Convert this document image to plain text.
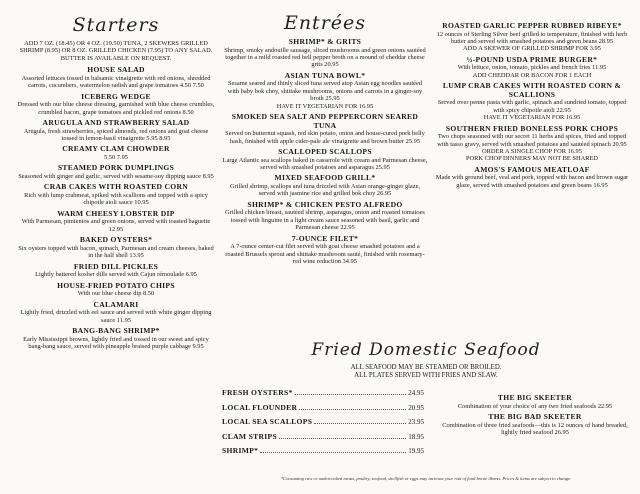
Starters
ADD 7 OZ. (18.45) OR 4 OZ. (10.50) TUNA, 2 SKEWERS GRILLED SHRIMP (8.95) OR 8 OZ. GRILLED CHICKEN (7.95) TO ANY SALAD. BUTTER IS AVAILABLE ON REQUEST.
HOUSE SALAD
Assorted lettuces tossed in balsamic vinaigrette with red onions, shredded carrots, cucumbers, watermelon radish and grape tomatoes 4.50 7.50
ICEBERG WEDGE
Dressed with our blue cheese dressing, garnished with blue cheese crumbles, crumbled bacon, grape tomatoes and pickled red onions 8.50
ARUGULA AND STRAWBERRY SALAD
Arugula, fresh strawberries, spiced almonds, red onions and goat cheese tossed in lemon-basil vinaigrette 5.95 8.95
CREAMY CLAM CHOWDER
5.50 7.95
STEAMED PORK DUMPLINGS
Seasoned with ginger and garlic, served with sesame-soy dipping sauce 8.95
CRAB CAKES WITH ROASTED CORN
Rich with lump crabmeat, spiked with scallions and topped with a spicy chipotle aioli sauce 10.95
WARM CHEESY LOBSTER DIP
With Parmesan, pimientos and green onions, served with toasted baguette 12.95
BAKED OYSTERS*
Six oysters topped with bacon, spinach, Parmesan and cream cheeses, baked in the half shell 13.95
FRIED DILL PICKLES
Lightly battered kosher dills served with Cajun rémoulade 6.95
HOUSE-FRIED POTATO CHIPS
With our blue cheese dip 8.50
CALAMARI
Lightly fried, drizzled with eel sauce and served with white ginger dipping sauce 11.95
BANG-BANG SHRIMP*
Early Mississippi browns, lightly fried and tossed in our sweet and spicy bang-bang sauce, served with pineapple braised purple cabbage 9.95
Entrées
SHRIMP* & GRITS
Shrimp, smoky andouille sausage, sliced mushrooms and green onions sautéed together in a mild roasted red bell pepper broth on a mound of cheddar cheese grits 20.95
ASIAN TUNA BOWL*
Sesame seared and thinly sliced tuna served atop Asian egg noodles sautéed with baby bok choy, shiitake mushrooms, onions and carrots in a ginger-soy broth 25.95
HAVE IT VEGETARIAN FOR 16.95
SMOKED SEA SALT AND PEPPERCORN SEARED TUNA
Served on butternut squash, red skin potato, onion and house-cured pork belly hash, finished with apple cider-pale ale vinaigrette and brown butter 25.95
SCALLOPED SCALLOPS
Large Atlantic sea scallops baked in casserole with cream and Parmesan cheese, served with smashed potatoes and asparagus 25.95
MIXED SEAFOOD GRILL*
Grilled shrimp, scallops and tuna drizzled with Asian orange-ginger glaze, served with jasmine rice and grilled bok choy 26.95
SHRIMP* & CHICKEN PESTO ALFREDO
Grilled chicken breast, sautéed shrimp, asparagus, onion and roasted tomatoes tossed with linguine in a light cream sauce seasoned with basil, garlic and Parmesan cheese 22.95
7-OUNCE FILET*
A 7-ounce center-cut filet served with goat cheese smashed potatoes and a roasted Brussels sprout and shiitake mushroom sauté, finished with rosemary-red wine reduction 34.95
ROASTED GARLIC PEPPER RUBBED RIBEYE*
12 ounces of Sterling Silver beef grilled to temperature, finished with herb butter and served with smashed potatoes and green beans 28.95
ADD A SKEWER OF GRILLED SHRIMP FOR 3.95
½-POUND USDA PRIME BURGER*
With lettuce, onion, tomato, pickles and french fries 11.95
ADD CHEDDAR OR BACON FOR 1 EACH
LUMP CRAB CAKES WITH ROASTED CORN & SCALLIONS
Served over penne pasta with garlic, spinach and sundried tomato, topped with spicy chipotle aioli 22.95
HAVE IT VEGETARIAN FOR 16.95
SOUTHERN FRIED BONELESS PORK CHOPS
Two chops seasoned with our secret 11 herbs and spices, fried and topped with tasso gravy, served with smashed potatoes and sautéed spinach 20.95
ORDER A SINGLE CHOP FOR 16.95
PORK CHOP DINNERS MAY NOT BE SHARED
AMOS'S FAMOUS MEATLOAF
Made with ground beef, veal and pork, topped with bacon and brown sugar glaze, served with smashed potatoes and green beans 16.95
Fried Domestic Seafood
ALL SEAFOOD MAY BE STEAMED OR BROILED.
ALL PLATES SERVED WITH FRIES AND SLAW.
FRESH OYSTERS*	24.95
LOCAL FLOUNDER	20.95
LOCAL SEA SCALLOPS	23.95
CLAM STRIPS	18.95
SHRIMP*	19.95
THE BIG SKEETER
Combination of your choice of any two fried seafoods 22.95
THE BIG BAD SKEETER
Combination of three fried seafoods—this is 12 ounces of hand breaded, lightly fried seafood 26.95
*Consuming raw or undercooked meats, poultry, seafood, shellfish or eggs may increase your risk of food borne illness. Prices & items are subject to change.
